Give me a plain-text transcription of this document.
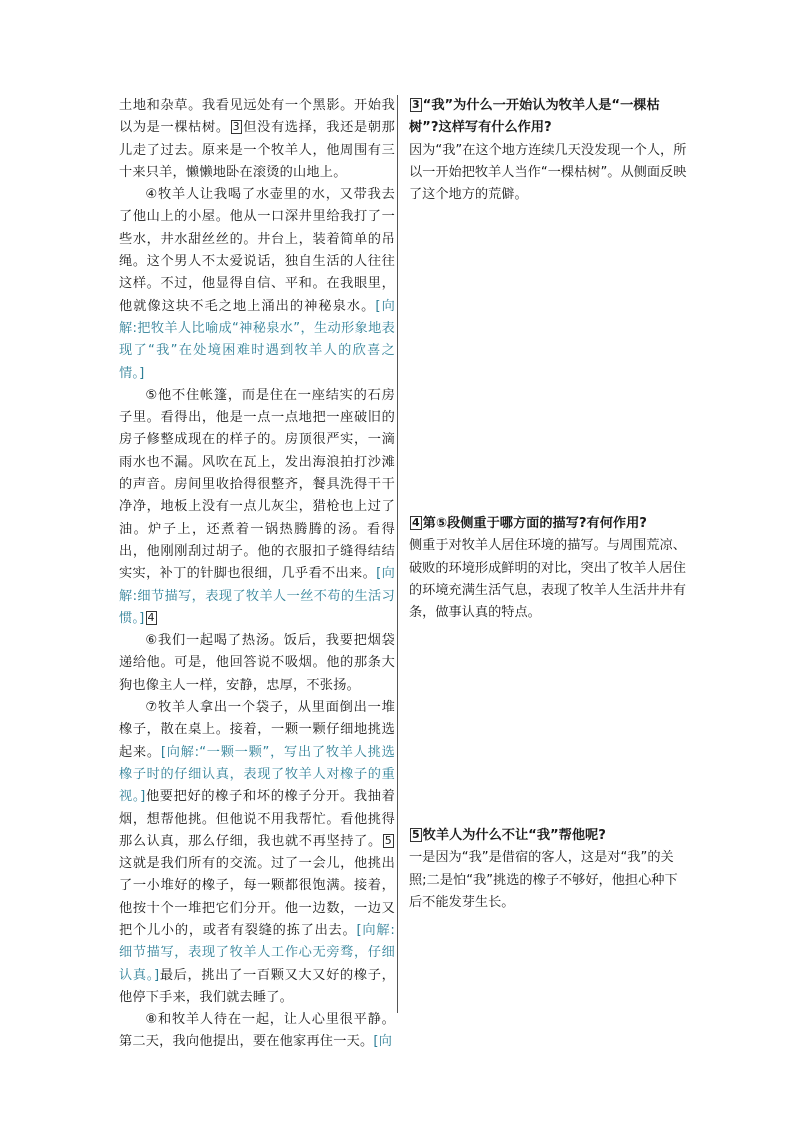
土地和杂草。我看见远处有一个黑影。开始我以为是一棵枯树。 3 但没有选择，我还是朝那儿走了过去。原来是一个牧羊人，他周围有三十来只羊，懒懒地卧在滚烫的山地上。

④牧羊人让我喝了水壶里的水，又带我去了他山上的小屋。他从一口深井里给我打了一些水，井水甜丝丝的。井台上，装着简单的吊绳。这个男人不太爱说话，独自生活的人往往这样。不过，他显得自信、平和。在我眼里，他就像这块不毛之地上涌出的神秘泉水。[向解:把牧羊人比喻成“神秘泉水”，生动形象地表现了“我”在处境困难时遇到牧羊人的欣喜之情。]

⑤他不住帐篷，而是住在一座结实的石房子里。看得出，他是一点一点地把一座破旧的房子修整成现在的样子的。房顶很严实，一滴雨水也不漏。风吹在瓦上，发出海浪拍打沙滩的声音。房间里收拾得很整齐，餐具洗得干干净净，地板上没有一点儿灰尘，猎枪也上过了油。炉子上，还煮着一锅热腾腾的汤。看得出，他刚刚刮过胡子。他的衣服扣子缝得结结实实，补丁的针脚也很细，几乎看不出来。[向解:细节描写，表现了牧羊人一丝不苟的生活习惯。] 4

⑥我们一起喝了热汤。饭后，我要把烟袋递给他。可是，他回答说不吸烟。他的那条大狗也像主人一样，安静，忠厚，不张扬。

⑦牧羊人拿出一个袋子，从里面倒出一堆橡子，散在桌上。接着，一颗一颗仔细地挑选起来。[向解:“一颗一颗”，写出了牧羊人挑选橡子时的仔细认真，表现了牧羊人对橡子的重视。]他要把好的橡子和坏的橡子分开。我抽着烟，想帮他挑。但他说不用我帮忙。看他挑得那么认真，那么仔细，我也就不再坚持了。 5这就是我们所有的交流。过了一会儿，他挑出了一小堆好的橡子，每一颗都很饱满。接着，他按十个一堆把它们分开。他一边数，一边又把个儿小的，或者有裂缝的拣了出去。[向解:细节描写，表现了牧羊人工作心无旁骛，仔细认真。]最后，挑出了一百颗又大又好的橡子，他停下手来，我们就去睡了。

⑧和牧羊人待在一起，让人心里很平静。第二天，我向他提出，要在他家再住一天。[向

3 “我”为什么一开始认为牧羊人是“一棵枯树”?这样写有什么作用?

因为“我”在这个地方连续几天没发现一个人，所以一开始把牧羊人当作“一棵枯树”。从侧面反映了这个地方的荒僻。

4 第⑤段侧重于哪方面的描写?有何作用?

侧重于对牧羊人居住环境的描写。与周围荒凉、破败的环境形成鲜明的对比，突出了牧羊人居住的环境充满生活气息，表现了牧羊人生活井井有条，做事认真的特点。

5 牧羊人为什么不让“我”帮他呢?

一是因为“我”是借宿的客人，这是对“我”的关照;二是怕“我”挑选的橡子不够好，他担心种下后不能发芽生长。
